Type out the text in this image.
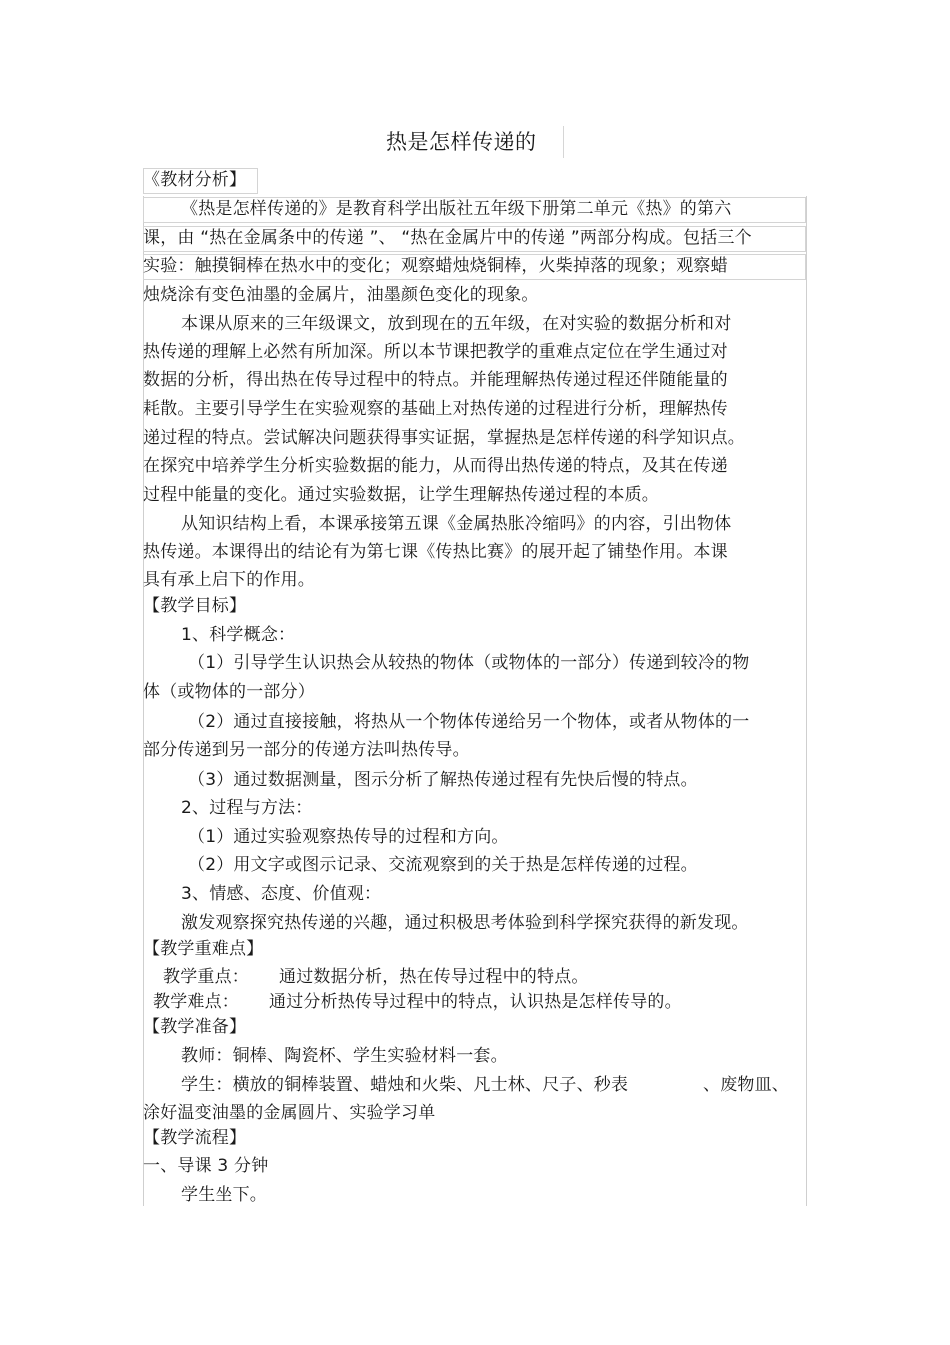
热是怎样传递的
《教材分析】
《热是怎样传递的》是教育科学出版社五年级下册第二单元《热》的第六
课，由 “热在金属条中的传递 ”、 “热在金属片中的传递 ”两部分构成。包括三个
实验：触摸铜棒在热水中的变化；观察蜡烛烧铜棒，火柴掉落的现象；观察蜡
烛烧涂有变色油墨的金属片，油墨颜色变化的现象。
本课从原来的三年级课文，放到现在的五年级，在对实验的数据分析和对
热传递的理解上必然有所加深。所以本节课把教学的重难点定位在学生通过对
数据的分析，得出热在传导过程中的特点。并能理解热传递过程还伴随能量的
耗散。主要引导学生在实验观察的基础上对热传递的过程进行分析，理解热传
递过程的特点。尝试解决问题获得事实证据，掌握热是怎样传递的科学知识点。
在探究中培养学生分析实验数据的能力，从而得出热传递的特点，及其在传递
过程中能量的变化。通过实验数据，让学生理解热传递过程的本质。
从知识结构上看，本课承接第五课《金属热胀冷缩吗》的内容，引出物体
热传递。本课得出的结论有为第七课《传热比赛》的展开起了铺垫作用。本课
具有承上启下的作用。
【教学目标】
1、科学概念：
（1）引导学生认识热会从较热的物体（或物体的一部分）传递到较冷的物
体（或物体的一部分）
（2）通过直接接触，将热从一个物体传递给另一个物体，或者从物体的一
部分传递到另一部分的传递方法叫热传导。
（3）通过数据测量，图示分析了解热传递过程有先快后慢的特点。
2、过程与方法：
（1）通过实验观察热传导的过程和方向。
（2）用文字或图示记录、交流观察到的关于热是怎样传递的过程。
3、情感、态度、价值观：
激发观察探究热传递的兴趣，通过积极思考体验到科学探究获得的新发现。
【教学重难点】
教学重点： 通过数据分析，热在传导过程中的特点。
教学难点： 通过分析热传导过程中的特点，认识热是怎样传导的。
【教学准备】
教师：铜棒、陶瓷杯、学生实验材料一套。
学生：横放的铜棒装置、蜡烛和火柴、凡士林、尺子、秒表	、废物皿、
涂好温变油墨的金属圆片、实验学习单
【教学流程】
一、导课 3 分钟
学生坐下。
